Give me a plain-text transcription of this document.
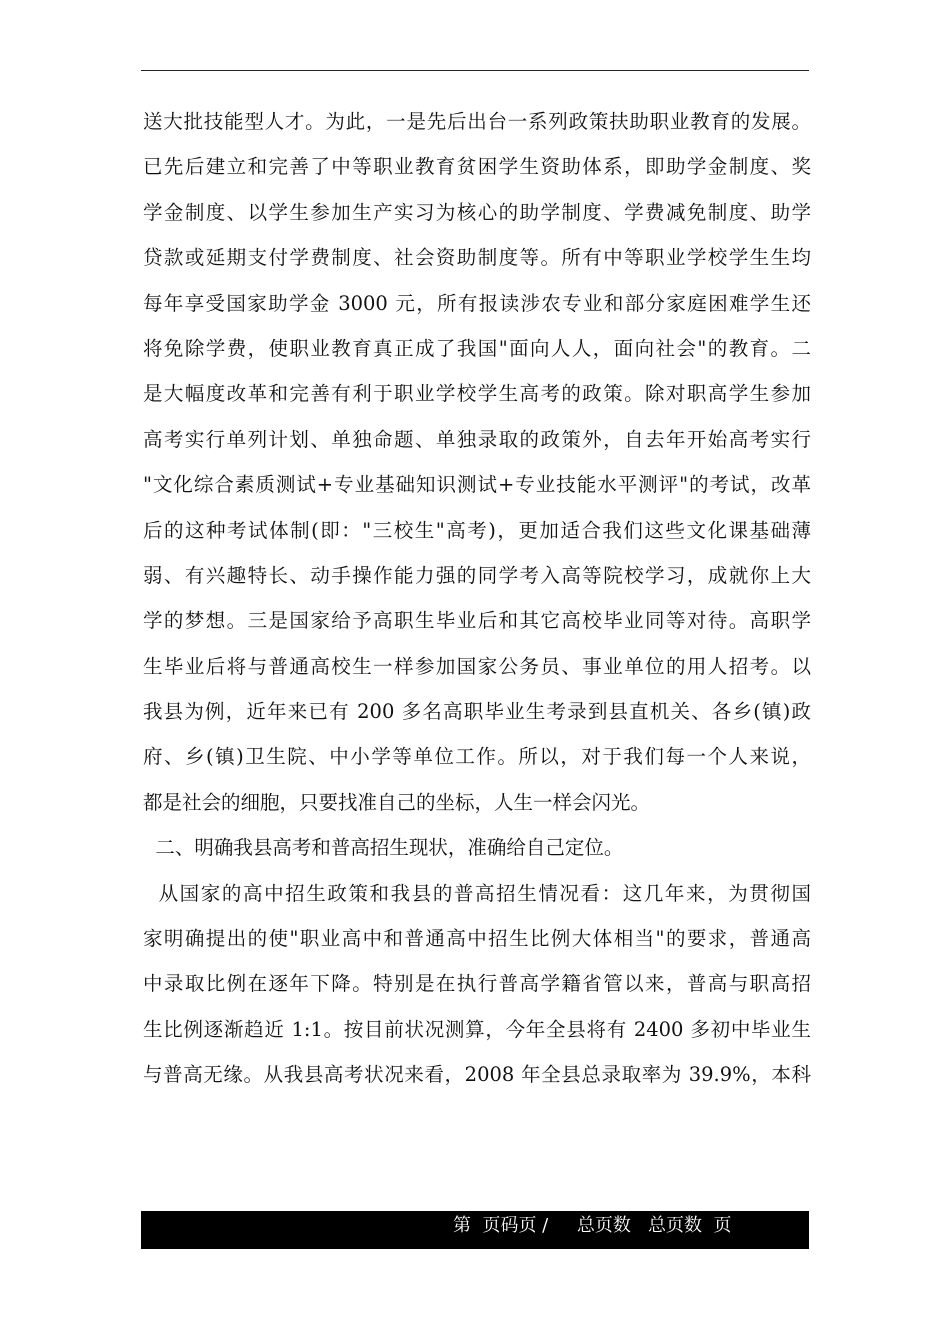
送大批技能型人才。为此，一是先后出台一系列政策扶助职业教育的发展。
已先后建立和完善了中等职业教育贫困学生资助体系，即助学金制度、奖
学金制度、以学生参加生产实习为核心的助学制度、学费减免制度、助学
贷款或延期支付学费制度、社会资助制度等。所有中等职业学校学生生均
每年享受国家助学金 3000 元，所有报读涉农专业和部分家庭困难学生还
将免除学费，使职业教育真正成了我国"面向人人，面向社会"的教育。二
是大幅度改革和完善有利于职业学校学生高考的政策。除对职高学生参加
高考实行单列计划、单独命题、单独录取的政策外，自去年开始高考实行
"文化综合素质测试+专业基础知识测试+专业技能水平测评"的考试，改革
后的这种考试体制(即："三校生"高考)，更加适合我们这些文化课基础薄
弱、有兴趣特长、动手操作能力强的同学考入高等院校学习，成就你上大
学的梦想。三是国家给予高职生毕业后和其它高校毕业同等对待。高职学
生毕业后将与普通高校生一样参加国家公务员、事业单位的用人招考。以
我县为例，近年来已有 200 多名高职毕业生考录到县直机关、各乡(镇)政
府、乡(镇)卫生院、中小学等单位工作。所以，对于我们每一个人来说，
都是社会的细胞，只要找准自己的坐标，人生一样会闪光。
二、明确我县高考和普高招生现状，准确给自己定位。
从国家的高中招生政策和我县的普高招生情况看：这几年来，为贯彻国
家明确提出的使"职业高中和普通高中招生比例大体相当"的要求，普通高
中录取比例在逐年下降。特别是在执行普高学籍省管以来，普高与职高招
生比例逐渐趋近 1:1。按目前状况测算，今年全县将有 2400 多初中毕业生
与普高无缘。从我县高考状况来看，2008 年全县总录取率为 39.9%，本科
第  页码页 /     总页数   总页数  页
